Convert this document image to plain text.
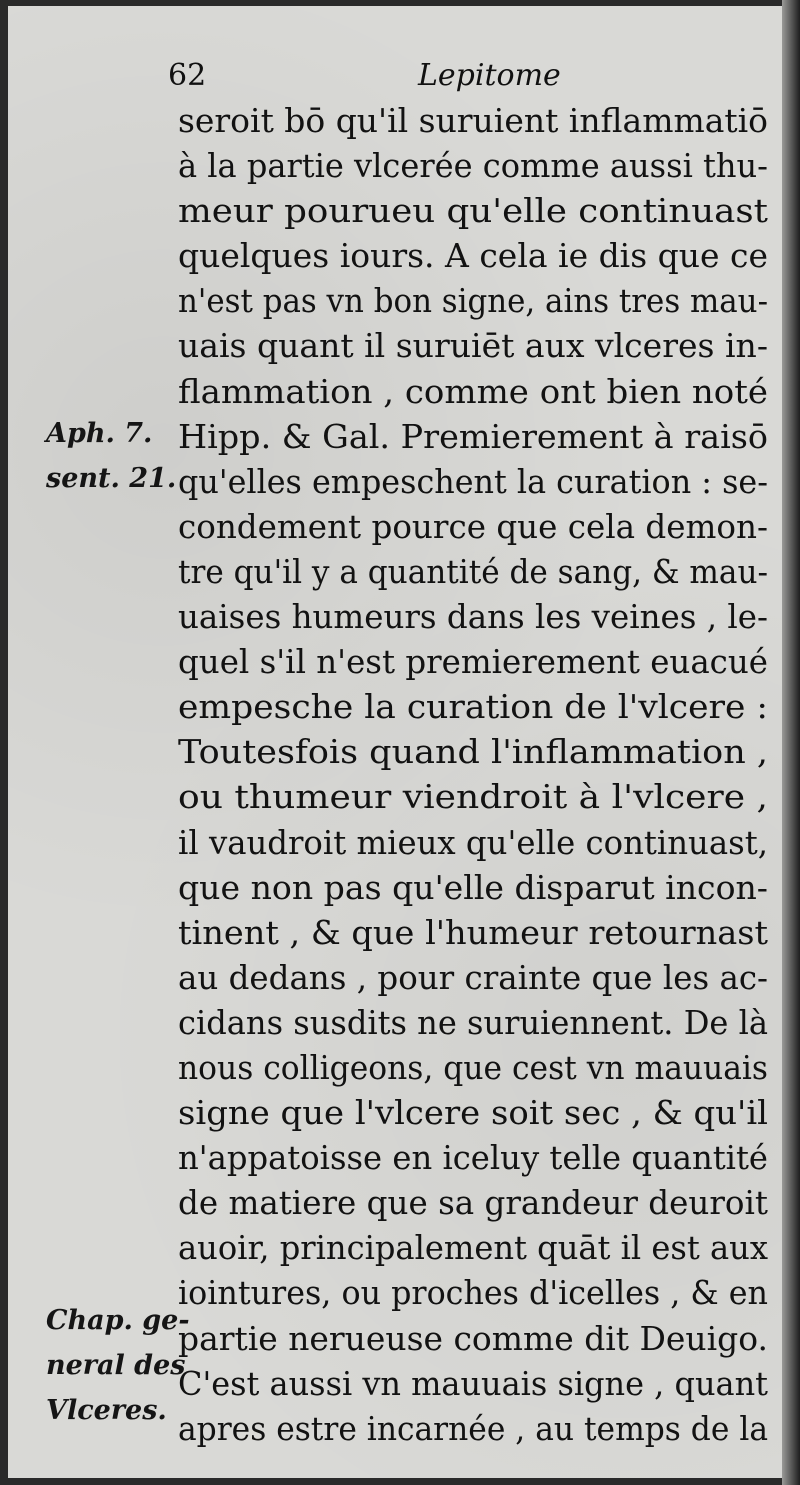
62	Lepitome
seroit bō qu'il suruient inflammatiō
à la partie vlcerée comme aussi thu-
meur pourueu qu'elle continuast
quelques iours. A cela ie dis que ce
n'est pas vn bon signe, ains tres mau-
uais quant il suruiēt aux vlceres in-
flammation , comme ont bien noté
Hipp. & Gal. Premierement à raisō
qu'elles empeschent la curation : se-
condement pource que cela demon-
tre qu'il y a quantité de sang, & mau-
uaises humeurs dans les veines , le-
quel s'il n'est premierement euacué
empesche la curation de l'vlcere :
Toutesfois quand l'inflammation ,
ou thumeur viendroit à l'vlcere ,
il vaudroit mieux qu'elle continuast,
que non pas qu'elle disparut incon-
tinent , & que l'humeur retournast
au dedans , pour crainte que les ac-
cidans susdits ne suruiennent. De là
nous colligeons, que cest vn mauuais
signe que l'vlcere soit sec , & qu'il
n'appatoisse en iceluy telle quantité
de matiere que sa grandeur deuroit
auoir, principalement quāt il est aux
iointures, ou proches d'icelles , & en
partie nerueuse comme dit Deuigo.
C'est aussi vn mauuais signe , quant
apres estre incarnée , au temps de la
Aph. 7.
sent. 21.
Chap. ge-
neral des
Vlceres.
